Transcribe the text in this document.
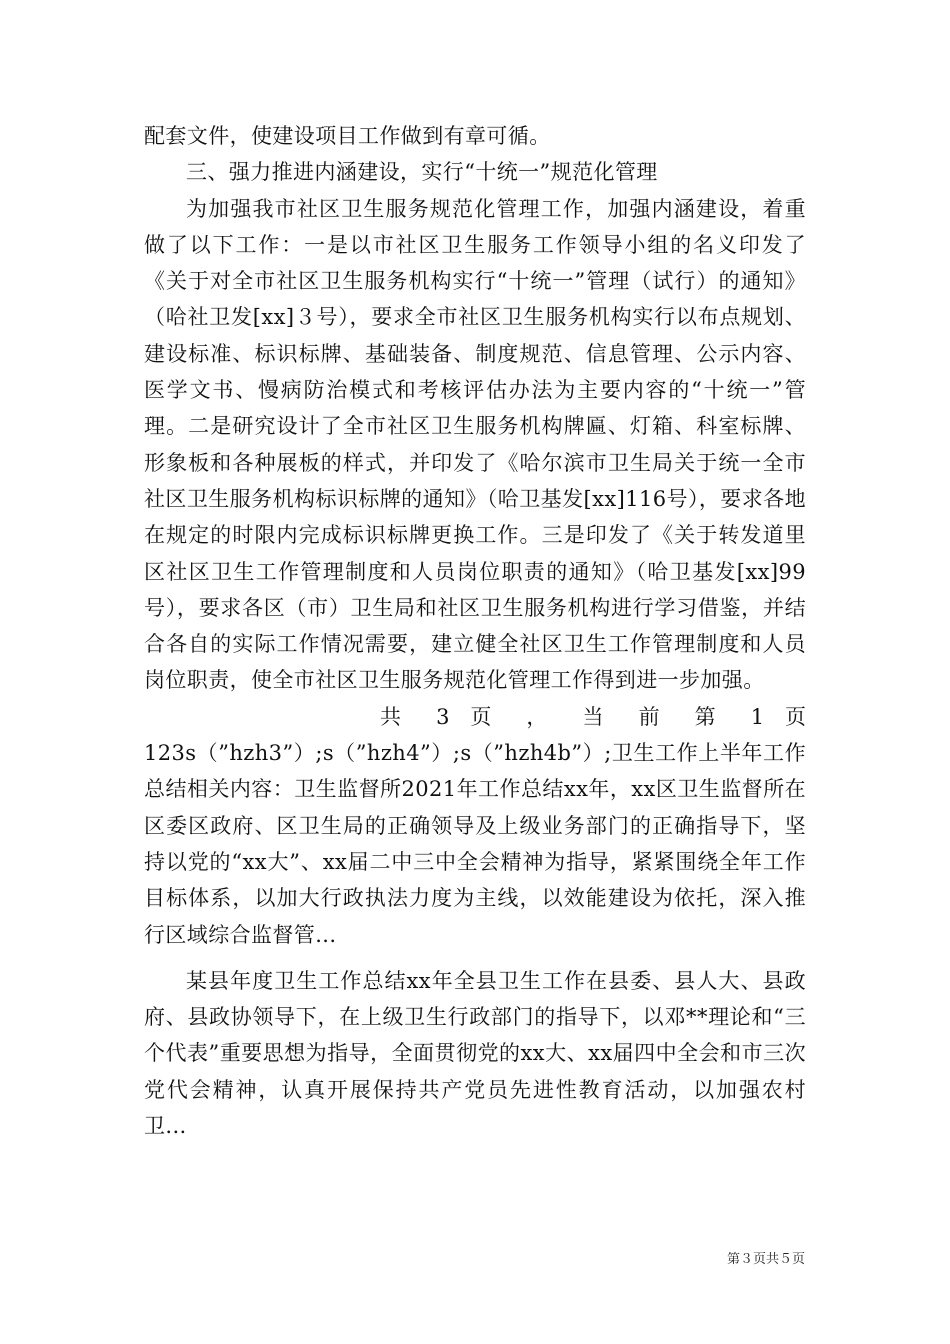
配套文件，使建设项目工作做到有章可循。

三、强力推进内涵建设，实行“十统一”规范化管理

为加强我市社区卫生服务规范化管理工作，加强内涵建设，着重做了以下工作：一是以市社区卫生服务工作领导小组的名义印发了《关于对全市社区卫生服务机构实行“十统一”管理（试行）的通知》（哈社卫发[xx]３号），要求全市社区卫生服务机构实行以布点规划、建设标准、标识标牌、基础装备、制度规范、信息管理、公示内容、医学文书、慢病防治模式和考核评估办法为主要内容的“十统一”管理。二是研究设计了全市社区卫生服务机构牌匾、灯箱、科室标牌、形象板和各种展板的样式，并印发了《哈尔滨市卫生局关于统一全市社区卫生服务机构标识标牌的通知》（哈卫基发[xx]116号），要求各地在规定的时限内完成标识标牌更换工作。三是印发了《关于转发道里区社区卫生工作管理制度和人员岗位职责的通知》（哈卫基发[xx]99号），要求各区（市）卫生局和社区卫生服务机构进行学习借鉴，并结合各自的实际工作情况需要，建立健全社区卫生工作管理制度和人员岗位职责，使全市社区卫生服务规范化管理工作得到进一步加强。

共 3 页 ， 当 前 第 1 页

123s（”hzh3”）;s（”hzh4”）;s（”hzh4b”）;卫生工作上半年工作总结相关内容：卫生监督所2021年工作总结xx年，xx区卫生监督所在区委区政府、区卫生局的正确领导及上级业务部门的正确指导下，坚持以党的“xx大”、xx届二中三中全会精神为指导，紧紧围绕全年工作目标体系，以加大行政执法力度为主线，以效能建设为依托，深入推行区域综合监督管...

某县年度卫生工作总结xx年全县卫生工作在县委、县人大、县政府、县政协领导下，在上级卫生行政部门的指导下，以邓**理论和“三个代表”重要思想为指导，全面贯彻党的xx大、xx届四中全会和市三次党代会精神，认真开展保持共产党员先进性教育活动，以加强农村卫...

第３页共５页
